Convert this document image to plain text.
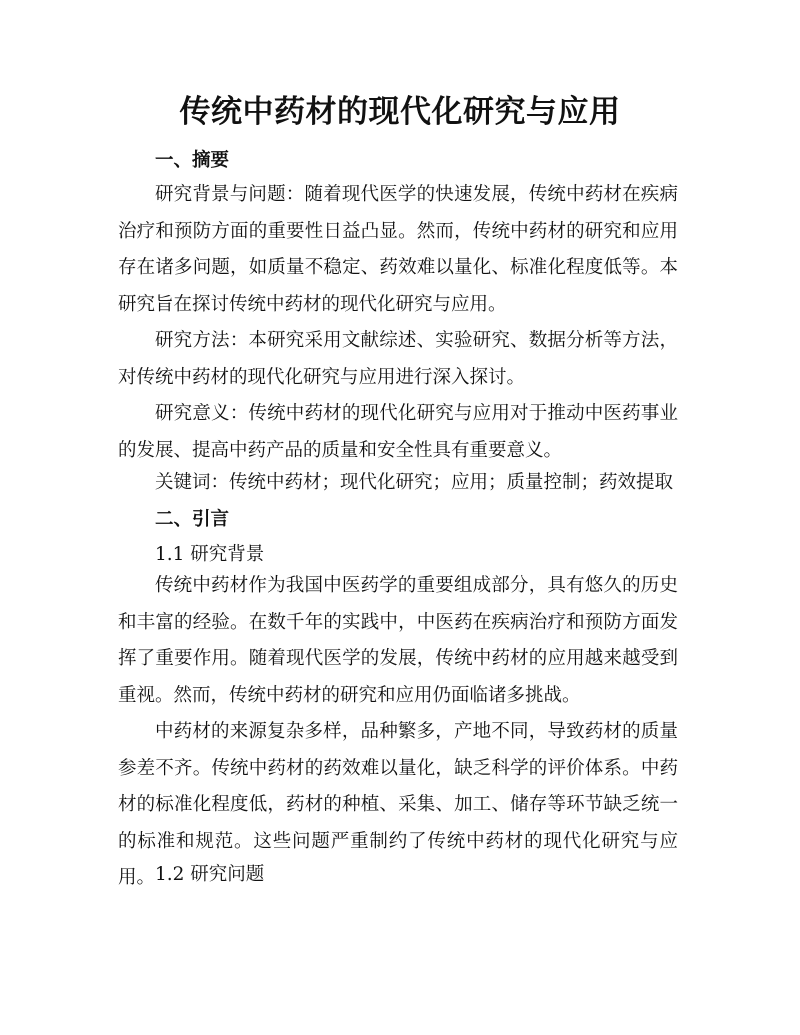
传统中药材的现代化研究与应用
一、摘要

研究背景与问题：随着现代医学的快速发展，传统中药材在疾病治疗和预防方面的重要性日益凸显。然而，传统中药材的研究和应用存在诸多问题，如质量不稳定、药效难以量化、标准化程度低等。本研究旨在探讨传统中药材的现代化研究与应用。

研究方法：本研究采用文献综述、实验研究、数据分析等方法，对传统中药材的现代化研究与应用进行深入探讨。

研究意义：传统中药材的现代化研究与应用对于推动中医药事业的发展、提高中药产品的质量和安全性具有重要意义。

关键词：传统中药材；现代化研究；应用；质量控制；药效提取
二、引言
1.1 研究背景

传统中药材作为我国中医药学的重要组成部分，具有悠久的历史和丰富的经验。在数千年的实践中，中医药在疾病治疗和预防方面发挥了重要作用。随着现代医学的发展，传统中药材的应用越来越受到重视。然而，传统中药材的研究和应用仍面临诸多挑战。

中药材的来源复杂多样，品种繁多，产地不同，导致药材的质量参差不齐。传统中药材的药效难以量化，缺乏科学的评价体系。中药材的标准化程度低，药材的种植、采集、加工、储存等环节缺乏统一的标准和规范。这些问题严重制约了传统中药材的现代化研究与应用。 1.2 研究问题
